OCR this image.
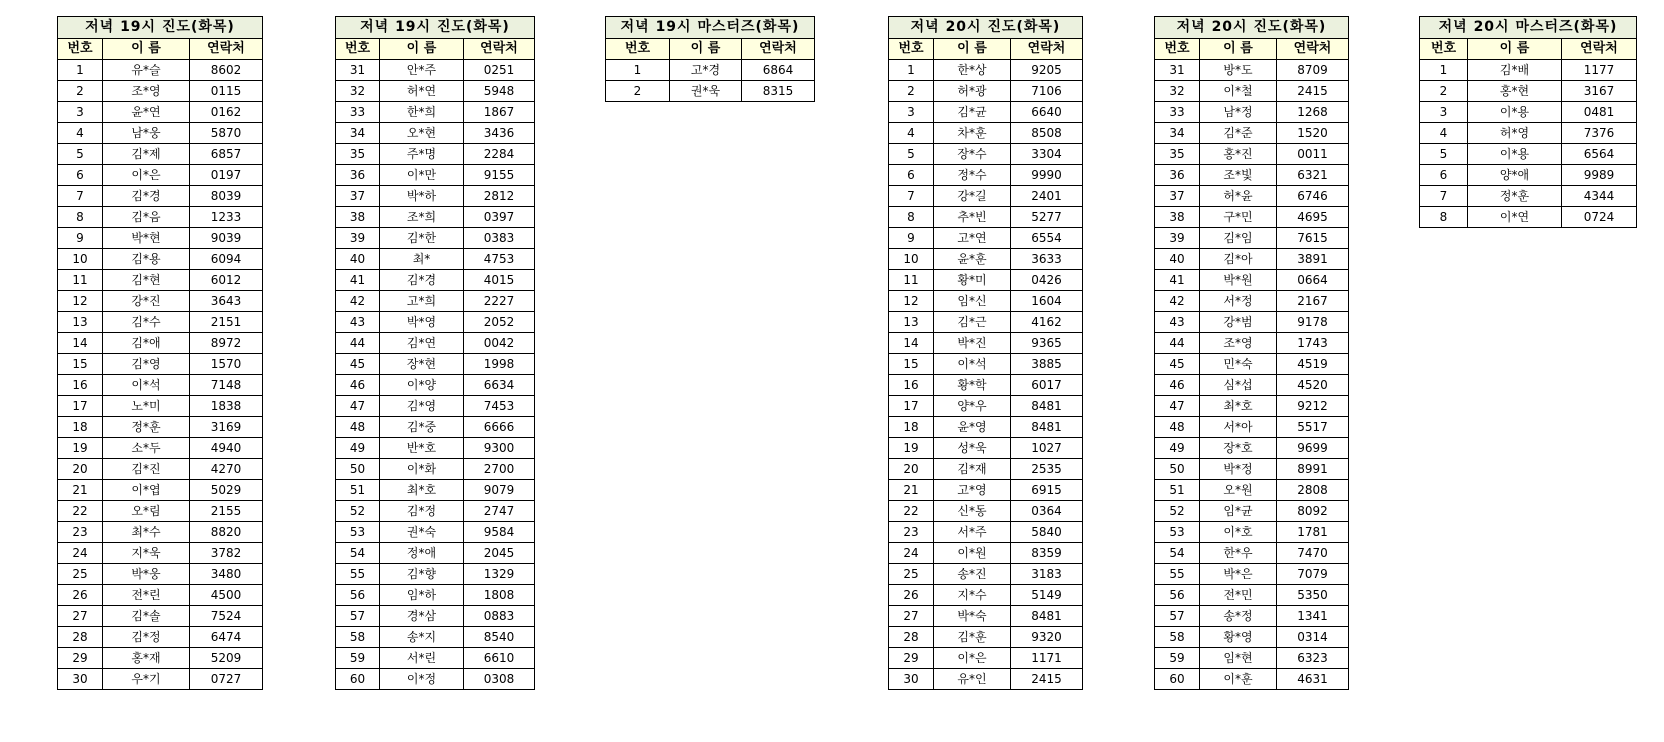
저녁 19시 진도(화목)		
번호	이 름	연락처
1	유*슬	8602
2	조*영	0115
3	윤*연	0162
4	남*웅	5870
5	김*제	6857
6	이*은	0197
7	김*경	8039
8	김*음	1233
9	박*현	9039
10	김*용	6094
11	김*현	6012
12	강*진	3643
13	김*수	2151
14	김*애	8972
15	김*영	1570
16	이*석	7148
17	노*미	1838
18	정*훈	3169
19	소*두	4940
20	김*진	4270
21	이*엽	5029
22	오*림	2155
23	최*수	8820
24	지*욱	3782
25	박*웅	3480
26	전*린	4500
27	김*솔	7524
28	김*정	6474
29	홍*재	5209
30	우*기	0727
저녁 19시 진도(화목)		
번호	이 름	연락처
31	안*주	0251
32	허*연	5948
33	한*희	1867
34	오*현	3436
35	주*명	2284
36	이*만	9155
37	박*하	2812
38	조*희	0397
39	김*한	0383
40	최*	4753
41	김*경	4015
42	고*희	2227
43	박*영	2052
44	김*연	0042
45	장*현	1998
46	이*양	6634
47	김*영	7453
48	김*중	6666
49	반*호	9300
50	이*화	2700
51	최*호	9079
52	김*정	2747
53	권*숙	9584
54	정*애	2045
55	김*향	1329
56	임*하	1808
57	경*삼	0883
58	송*지	8540
59	서*린	6610
60	이*정	0308
저녁 19시 마스터즈(화목)		
번호	이 름	연락처
1	고*경	6864
2	권*욱	8315
저녁 20시 진도(화목)		
번호	이 름	연락처
1	한*상	9205
2	허*광	7106
3	김*균	6640
4	차*훈	8508
5	장*수	3304
6	정*수	9990
7	강*길	2401
8	추*빈	5277
9	고*연	6554
10	윤*훈	3633
11	황*미	0426
12	임*신	1604
13	김*근	4162
14	박*진	9365
15	이*석	3885
16	황*학	6017
17	양*우	8481
18	윤*영	8481
19	성*욱	1027
20	김*재	2535
21	고*영	6915
22	신*동	0364
23	서*주	5840
24	이*원	8359
25	송*진	3183
26	지*수	5149
27	박*숙	8481
28	김*훈	9320
29	이*은	1171
30	유*인	2415
저녁 20시 진도(화목)		
번호	이 름	연락처
31	방*도	8709
32	이*철	2415
33	남*정	1268
34	김*준	1520
35	홍*진	0011
36	조*빛	6321
37	허*윤	6746
38	구*민	4695
39	김*임	7615
40	김*아	3891
41	박*원	0664
42	서*정	2167
43	강*범	9178
44	조*영	1743
45	민*숙	4519
46	심*섭	4520
47	최*호	9212
48	서*아	5517
49	장*호	9699
50	박*정	8991
51	오*원	2808
52	임*균	8092
53	이*호	1781
54	한*우	7470
55	박*은	7079
56	전*민	5350
57	송*정	1341
58	황*영	0314
59	임*현	6323
60	이*훈	4631
저녁 20시 마스터즈(화목)		
번호	이 름	연락처
1	김*배	1177
2	홍*현	3167
3	이*용	0481
4	허*영	7376
5	이*용	6564
6	양*애	9989
7	정*훈	4344
8	이*연	0724
